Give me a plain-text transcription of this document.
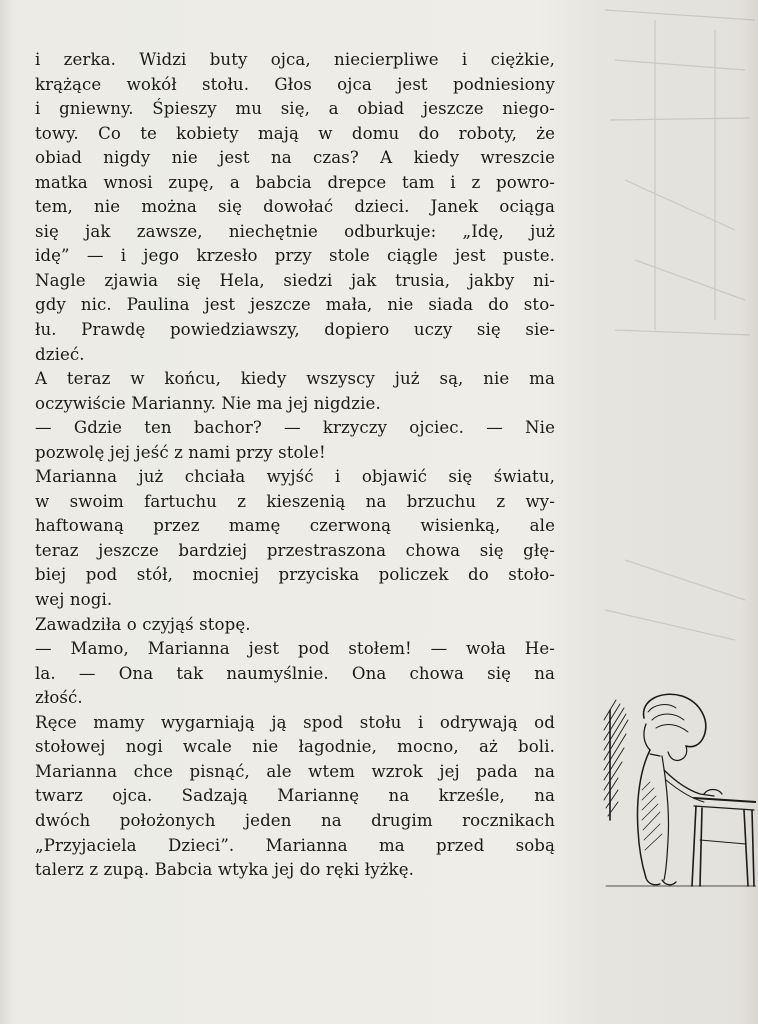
i zerka. Widzi buty ojca, niecierpliwe i ciężkie,
krążące wokół stołu. Głos ojca jest podniesiony
i gniewny. Śpieszy mu się, a obiad jeszcze niego-
towy. Co te kobiety mają w domu do roboty, że
obiad nigdy nie jest na czas? A kiedy wreszcie
matka wnosi zupę, a babcia drepce tam i z powro-
tem, nie można się dowołać dzieci. Janek ociąga
się jak zawsze, niechętnie odburkuje: „Idę, już
idę” — i jego krzesło przy stole ciągle jest puste.
Nagle zjawia się Hela, siedzi jak trusia, jakby ni-
gdy nic. Paulina jest jeszcze mała, nie siada do sto-
łu. Prawdę powiedziawszy, dopiero uczy się sie-
dzieć.
A teraz w końcu, kiedy wszyscy już są, nie ma
oczywiście Marianny. Nie ma jej nigdzie.
— Gdzie ten bachor? — krzyczy ojciec. — Nie
pozwolę jej jeść z nami przy stole!
Marianna już chciała wyjść i objawić się światu,
w swoim fartuchu z kieszenią na brzuchu z wy-
haftowaną przez mamę czerwoną wisienką, ale
teraz jeszcze bardziej przestraszona chowa się głę-
biej pod stół, mocniej przyciska policzek do stoło-
wej nogi.
Zawadziła o czyjąś stopę.
— Mamo, Marianna jest pod stołem! — woła He-
la. — Ona tak naumyślnie. Ona chowa się na
złość.
Ręce mamy wygarniają ją spod stołu i odrywają od
stołowej nogi wcale nie łagodnie, mocno, aż boli.
Marianna chce pisnąć, ale wtem wzrok jej pada na
twarz ojca. Sadzają Mariannę na krześle, na
dwóch położonych jeden na drugim rocznikach
„Przyjaciela Dzieci”. Marianna ma przed sobą
talerz z zupą. Babcia wtyka jej do ręki łyżkę.
